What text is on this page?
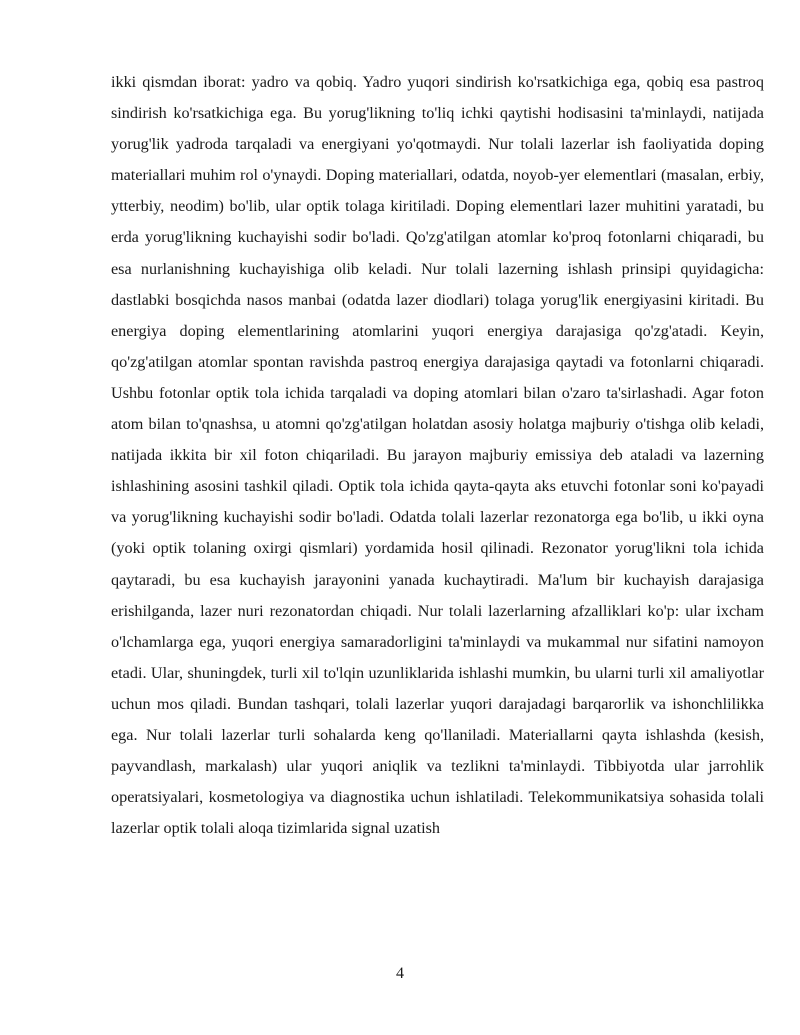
ikki qismdan iborat: yadro va qobiq. Yadro yuqori sindirish ko'rsatkichiga ega, qobiq esa pastroq sindirish ko'rsatkichiga ega. Bu yorug'likning to'liq ichki qaytishi hodisasini ta'minlaydi, natijada yorug'lik yadroda tarqaladi va energiyani yo'qotmaydi. Nur tolali lazerlar ish faoliyatida doping materiallari muhim rol o'ynaydi. Doping materiallari, odatda, noyob-yer elementlari (masalan, erbiy, ytterbiy, neodim) bo'lib, ular optik tolaga kiritiladi. Doping elementlari lazer muhitini yaratadi, bu erda yorug'likning kuchayishi sodir bo'ladi. Qo'zg'atilgan atomlar ko'proq fotonlarni chiqaradi, bu esa nurlanishning kuchayishiga olib keladi. Nur tolali lazerning ishlash prinsipi quyidagicha: dastlabki bosqichda nasos manbai (odatda lazer diodlari) tolaga yorug'lik energiyasini kiritadi. Bu energiya doping elementlarining atomlarini yuqori energiya darajasiga qo'zg'atadi. Keyin, qo'zg'atilgan atomlar spontan ravishda pastroq energiya darajasiga qaytadi va fotonlarni chiqaradi. Ushbu fotonlar optik tola ichida tarqaladi va doping atomlari bilan o'zaro ta'sirlashadi. Agar foton atom bilan to'qnashsa, u atomni qo'zg'atilgan holatdan asosiy holatga majburiy o'tishga olib keladi, natijada ikkita bir xil foton chiqariladi. Bu jarayon majburiy emissiya deb ataladi va lazerning ishlashining asosini tashkil qiladi. Optik tola ichida qayta-qayta aks etuvchi fotonlar soni ko'payadi va yorug'likning kuchayishi sodir bo'ladi. Odatda tolali lazerlar rezonatorga ega bo'lib, u ikki oyna (yoki optik tolaning oxirgi qismlari) yordamida hosil qilinadi. Rezonator yorug'likni tola ichida qaytaradi, bu esa kuchayish jarayonini yanada kuchaytiradi. Ma'lum bir kuchayish darajasiga erishilganda, lazer nuri rezonatordan chiqadi. Nur tolali lazerlarning afzalliklari ko'p: ular ixcham o'lchamlarga ega, yuqori energiya samaradorligini ta'minlaydi va mukammal nur sifatini namoyon etadi. Ular, shuningdek, turli xil to'lqin uzunliklarida ishlashi mumkin, bu ularni turli xil amaliyotlar uchun mos qiladi. Bundan tashqari, tolali lazerlar yuqori darajadagi barqarorlik va ishonchlilikka ega. Nur tolali lazerlar turli sohalarda keng qo'llaniladi. Materiallarni qayta ishlashda (kesish, payvandlash, markalash) ular yuqori aniqlik va tezlikni ta'minlaydi. Tibbiyotda ular jarrohlik operatsiyalari, kosmetologiya va diagnostika uchun ishlatiladi. Telekommunikatsiya sohasida tolali lazerlar optik tolali aloqa tizimlarida signal uzatish

4
